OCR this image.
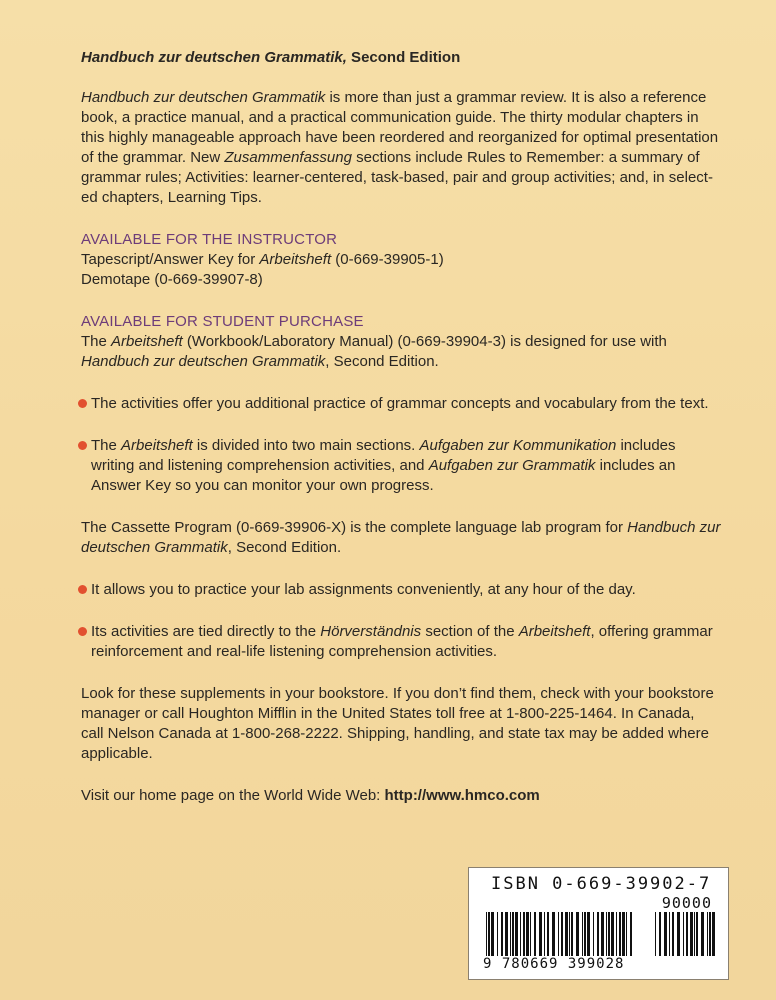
Handbuch zur deutschen Grammatik, Second Edition

Handbuch zur deutschen Grammatik is more than just a grammar review. It is also a reference book, a practice manual, and a practical communication guide. The thirty modular chapters in this highly manageable approach have been reordered and reorganized for optimal presentation of the grammar. New Zusammenfassung sections include Rules to Remember: a summary of grammar rules; Activities: learner-centered, task-based, pair and group activities; and, in select-ed chapters, Learning Tips.

AVAILABLE FOR THE INSTRUCTOR

Tapescript/Answer Key for Arbeitsheft (0-669-39905-1)

Demotape (0-669-39907-8)

AVAILABLE FOR STUDENT PURCHASE

The Arbeitsheft (Workbook/Laboratory Manual) (0-669-39904-3) is designed for use with
Handbuch zur deutschen Grammatik, Second Edition.

The activities offer you additional practice of grammar concepts and vocabulary from the text.

The Arbeitsheft is divided into two main sections. Aufgaben zur Kommunikation includes writing and listening comprehension activities, and Aufgaben zur Grammatik includes an Answer Key so you can monitor your own progress.

The Cassette Program (0-669-39906-X) is the complete language lab program for Handbuch zur deutschen Grammatik, Second Edition.

It allows you to practice your lab assignments conveniently, at any hour of the day.

Its activities are tied directly to the Hörverständnis section of the Arbeitsheft, offering grammar reinforcement and real-life listening comprehension activities.

Look for these supplements in your bookstore. If you don’t find them, check with your bookstore manager or call Houghton Mifflin in the United States toll free at 1-800-225-1464. In Canada, call Nelson Canada at 1-800-268-2222. Shipping, handling, and state tax may be added where applicable.

Visit our home page on the World Wide Web: http://www.hmco.com

ISBN 0-669-39902-7
90000
9 780669 399028
